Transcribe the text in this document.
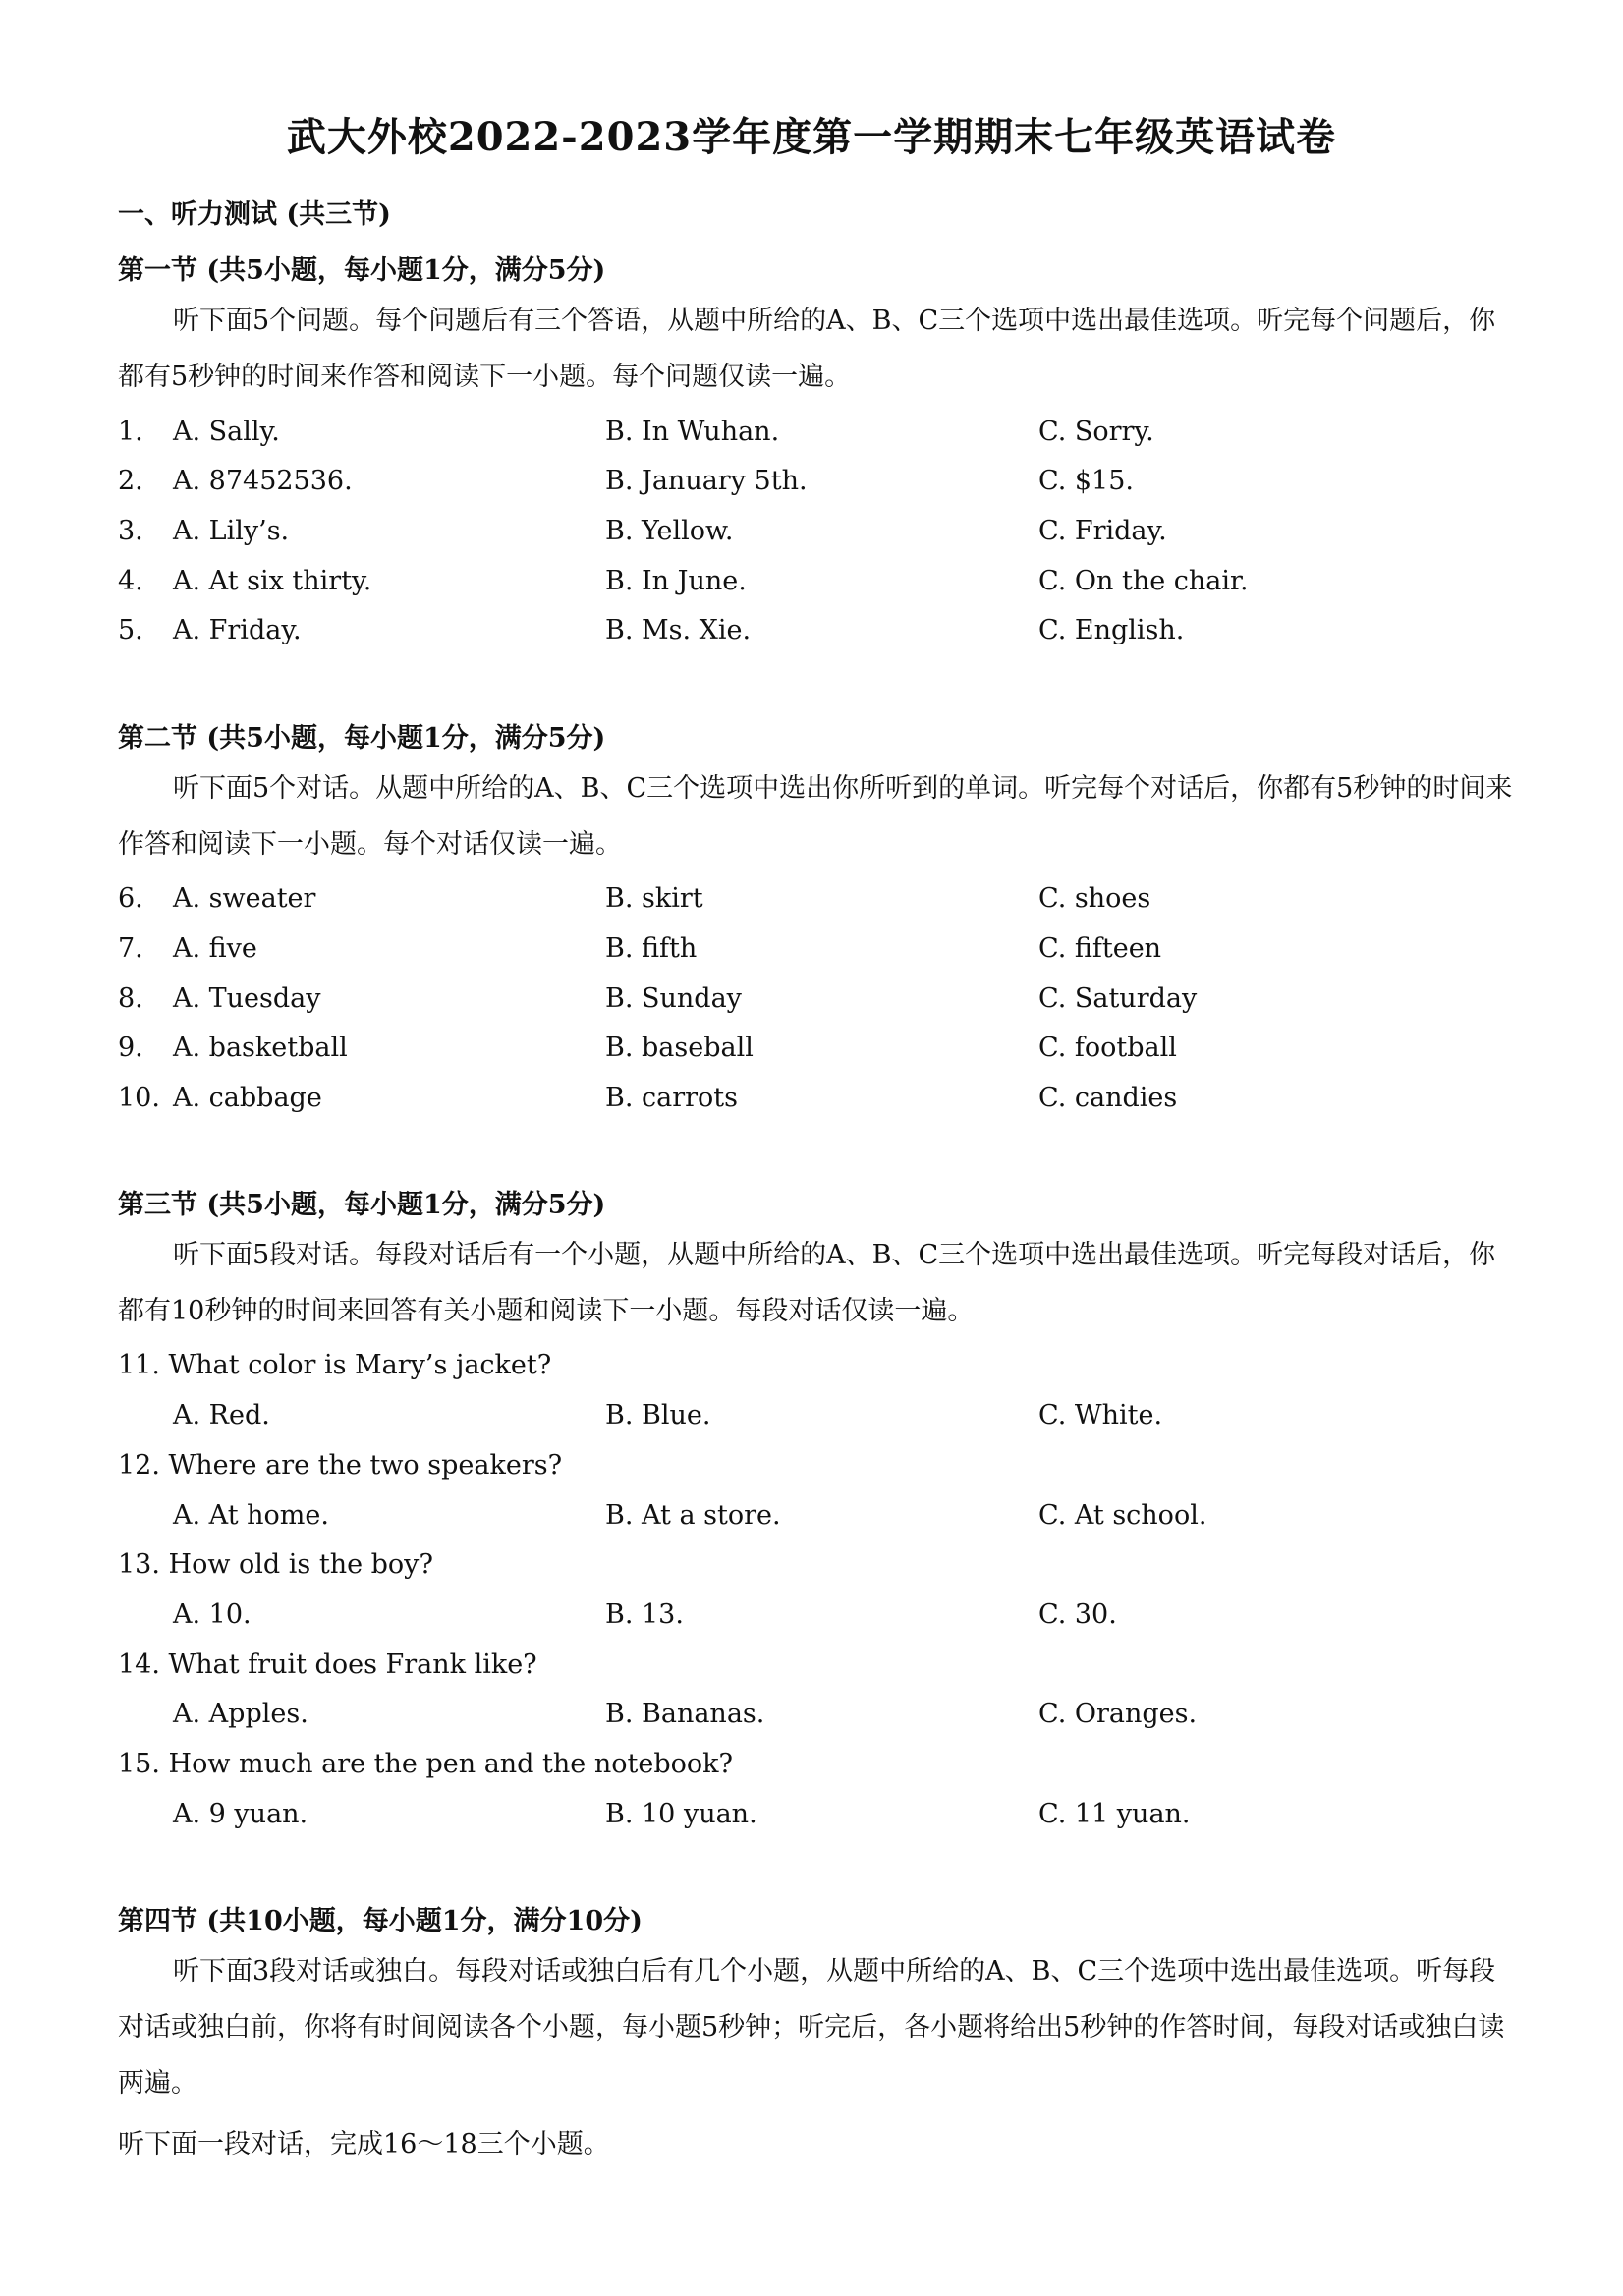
武大外校2022-2023学年度第一学期期末七年级英语试卷
一、听力测试 (共三节)
第一节 (共5小题，每小题1分，满分5分)
听下面5个问题。每个问题后有三个答语，从题中所给的A、B、C三个选项中选出最佳选项。听完每个问题后，你都有5秒钟的时间来作答和阅读下一小题。每个问题仅读一遍。
1. A. Sally.	B. In Wuhan.	C. Sorry.
2. A. 87452536.	B. January 5th.	C. $15.
3. A. Lily’s.	B. Yellow.	C. Friday.
4. A. At six thirty.	B. In June.	C. On the chair.
5. A. Friday.	B. Ms. Xie.	C. English.
第二节 (共5小题，每小题1分，满分5分)
听下面5个对话。从题中所给的A、B、C三个选项中选出你所听到的单词。听完每个对话后，你都有5秒钟的时间来作答和阅读下一小题。每个对话仅读一遍。
6. A. sweater	B. skirt	C. shoes
7. A. five	B. fifth	C. fifteen
8. A. Tuesday	B. Sunday	C. Saturday
9. A. basketball	B. baseball	C. football
10. A. cabbage	B. carrots	C. candies
第三节 (共5小题，每小题1分，满分5分)
听下面5段对话。每段对话后有一个小题，从题中所给的A、B、C三个选项中选出最佳选项。听完每段对话后，你都有10秒钟的时间来回答有关小题和阅读下一小题。每段对话仅读一遍。
11. What color is Mary’s jacket?
A. Red.	B. Blue.	C. White.
12. Where are the two speakers?
A. At home.	B. At a store.	C. At school.
13. How old is the boy?
A. 10.	B. 13.	C. 30.
14. What fruit does Frank like?
A. Apples.	B. Bananas.	C. Oranges.
15. How much are the pen and the notebook?
A. 9 yuan.	B. 10 yuan.	C. 11 yuan.
第四节 (共10小题，每小题1分，满分10分)
听下面3段对话或独白。每段对话或独白后有几个小题，从题中所给的A、B、C三个选项中选出最佳选项。听每段对话或独白前，你将有时间阅读各个小题，每小题5秒钟；听完后，各小题将给出5秒钟的作答时间，每段对话或独白读两遍。
听下面一段对话，完成16～18三个小题。
